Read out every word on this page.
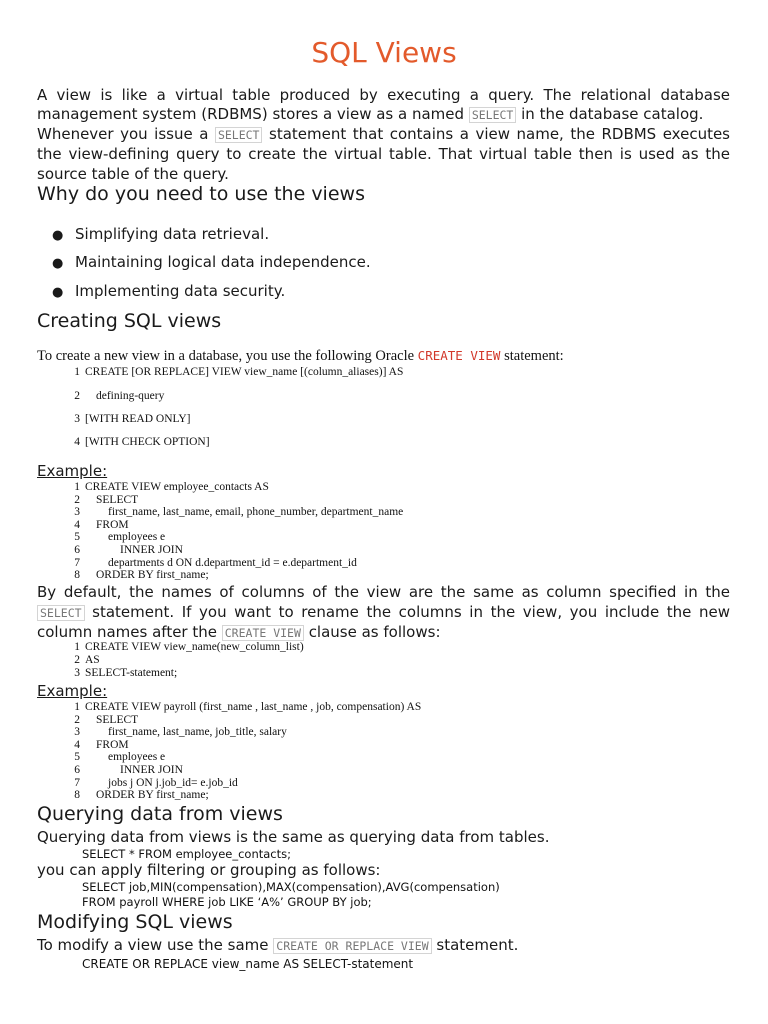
SQL Views
A view is like a virtual table produced by executing a query. The relational database management system (RDBMS) stores a view as a named SELECT in the database catalog.
Whenever you issue a SELECT statement that contains a view name, the RDBMS executes the view-defining query to create the virtual table. That virtual table then is used as the source table of the query.
Why do you need to use the views
● Simplifying data retrieval.
● Maintaining logical data independence.
● Implementing data security.
Creating SQL views
To create a new view in a database, you use the following Oracle CREATE VIEW statement:
1 CREATE [OR REPLACE] VIEW view_name [(column_aliases)] AS
2 defining-query
3 [WITH READ ONLY]
4 [WITH CHECK OPTION]
Example:
1 CREATE VIEW employee_contacts AS
2 SELECT
3 first_name, last_name, email, phone_number, department_name
4 FROM
5 employees e
6	INNER JOIN
7 departments d ON d.department_id = e.department_id
8 ORDER BY first_name;
By default, the names of columns of the view are the same as column specified in the SELECT statement. If you want to rename the columns in the view, you include the new column names after the CREATE VIEW clause as follows:
1 CREATE VIEW view_name(new_column_list)
2 AS
3 SELECT-statement;
Example:
1 CREATE VIEW payroll (first_name , last_name , job, compensation) AS
2 SELECT
3 first_name, last_name, job_title, salary
4 FROM
5 employees e
6	INNER JOIN
7 jobs j ON j.job_id= e.job_id
8 ORDER BY first_name;
Querying data from views
Querying data from views is the same as querying data from tables.
SELECT * FROM employee_contacts;
you can apply filtering or grouping as follows:
SELECT job,MIN(compensation),MAX(compensation),AVG(compensation)
FROM payroll WHERE job LIKE ‘A%’ GROUP BY job;
Modifying SQL views
To modify a view use the same CREATE OR REPLACE VIEW statement.
CREATE OR REPLACE view_name AS SELECT-statement
